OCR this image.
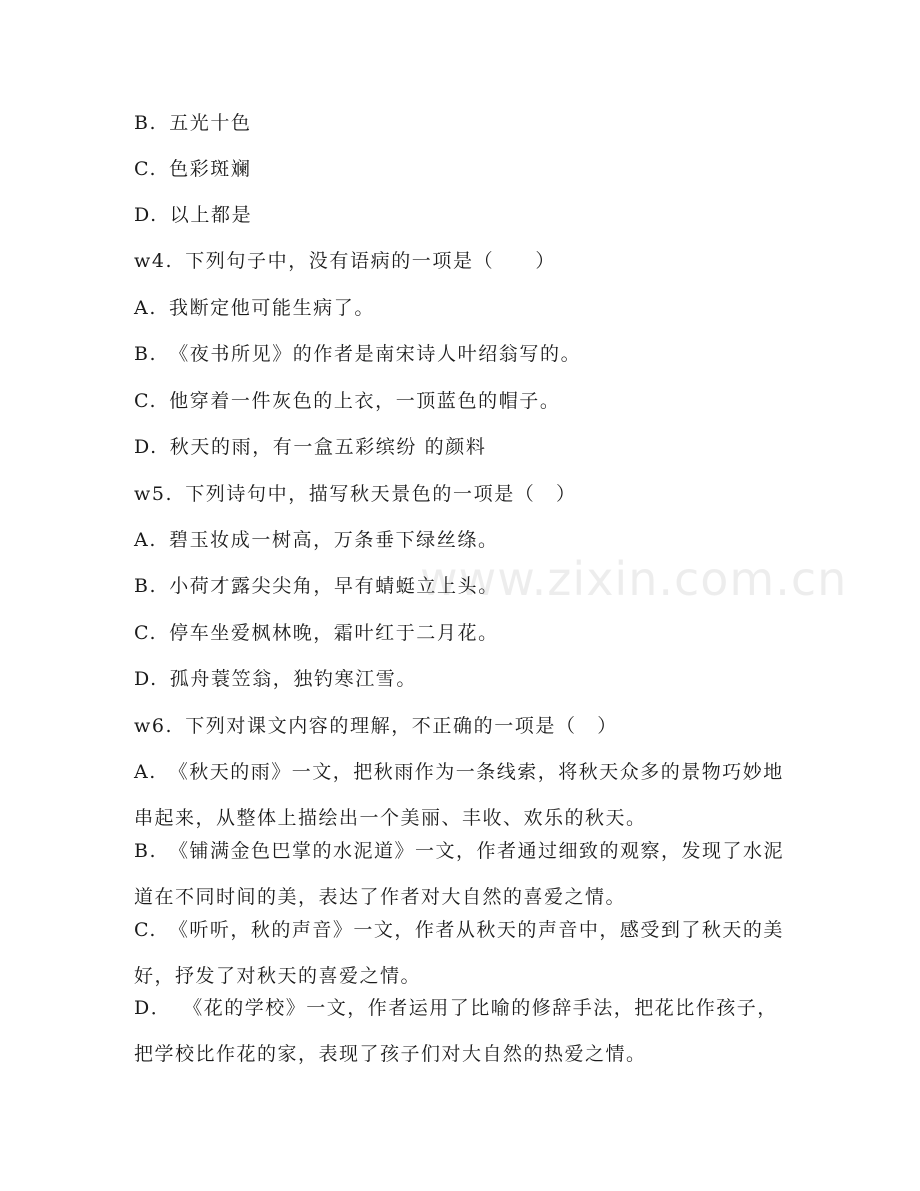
www.zixin.com.cn
B. 五光十色
C. 色彩斑斓
D. 以上都是
w4. 下列句子中，没有语病的一项是（　　）
A. 我断定他可能生病了。
B. 《夜书所见》的作者是南宋诗人叶绍翁写的。
C. 他穿着一件灰色的上衣，一顶蓝色的帽子。
D. 秋天的雨，有一盒五彩缤纷 的颜料
w5. 下列诗句中，描写秋天景色的一项是（　）
A. 碧玉妆成一树高，万条垂下绿丝绦。
B. 小荷才露尖尖角，早有蜻蜓立上头。
C. 停车坐爱枫林晚，霜叶红于二月花。
D. 孤舟蓑笠翁，独钓寒江雪。
w6. 下列对课文内容的理解，不正确的一项是（　）
A. 《秋天的雨》一文，把秋雨作为一条线索，将秋天众多的景物巧妙地串起来，从整体上描绘出一个美丽、丰收、欢乐的秋天。
B. 《铺满金色巴掌的水泥道》一文，作者通过细致的观察，发现了水泥道在不同时间的美，表达了作者对大自然的喜爱之情。
C. 《听听，秋的声音》一文，作者从秋天的声音中，感受到了秋天的美好，抒发了对秋天的喜爱之情。
D． 《花的学校》一文，作者运用了比喻的修辞手法，把花比作孩子，把学校比作花的家，表现了孩子们对大自然的热爱之情。
